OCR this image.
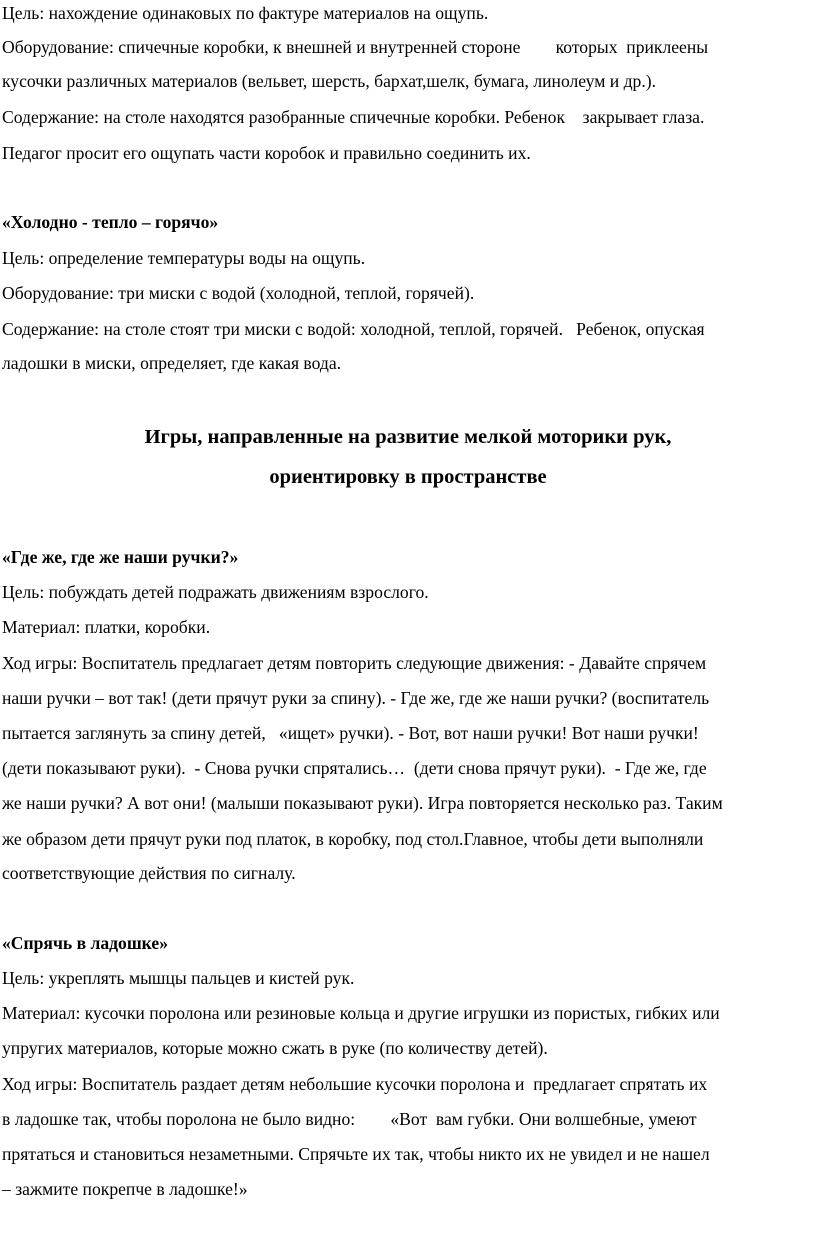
Цель: нахождение одинаковых по фактуре материалов на ощупь.
Оборудование: спичечные коробки, к внешней и внутренней стороне        которых  приклеены
кусочки различных материалов (вельвет, шерсть, бархат,шелк, бумага, линолеум и др.).
Содержание: на столе находятся разобранные спичечные коробки. Ребенок    закрывает глаза.
Педагог просит его ощупать части коробок и правильно соединить их.
«Холодно - тепло – горячо»
Цель: определение температуры воды на ощупь.
Оборудование: три миски с водой (холодной, теплой, горячей).
Содержание: на столе стоят три миски с водой: холодной, теплой, горячей.   Ребенок, опуская
ладошки в миски, определяет, где какая вода.
Игры, направленные на развитие мелкой моторики рук,
ориентировку в пространстве
«Где же, где же наши ручки?»
Цель: побуждать детей подражать движениям взрослого.
Материал: платки, коробки.
Ход игры: Воспитатель предлагает детям повторить следующие движения: - Давайте спрячем
наши ручки – вот так! (дети прячут руки за спину). - Где же, где же наши ручки? (воспитатель
пытается заглянуть за спину детей,   «ищет» ручки). - Вот, вот наши ручки! Вот наши ручки!
(дети показывают руки).  - Снова ручки спрятались…  (дети снова прячут руки).  - Где же, где
же наши ручки? А вот они! (малыши показывают руки). Игра повторяется несколько раз. Таким
же образом дети прячут руки под платок, в коробку, под стол.Главное, чтобы дети выполняли
соответствующие действия по сигналу.
«Спрячь в ладошке»
Цель: укреплять мышцы пальцев и кистей рук.
Материал: кусочки поролона или резиновые кольца и другие игрушки из пористых, гибких или
упругих материалов, которые можно сжать в руке (по количеству детей).
Ход игры: Воспитатель раздает детям небольшие кусочки поролона и  предлагает спрятать их
в ладошке так, чтобы поролона не было видно:        «Вот  вам губки. Они волшебные, умеют
прятаться и становиться незаметными. Спрячьте их так, чтобы никто их не увидел и не нашел
– зажмите покрепче в ладошке!»
